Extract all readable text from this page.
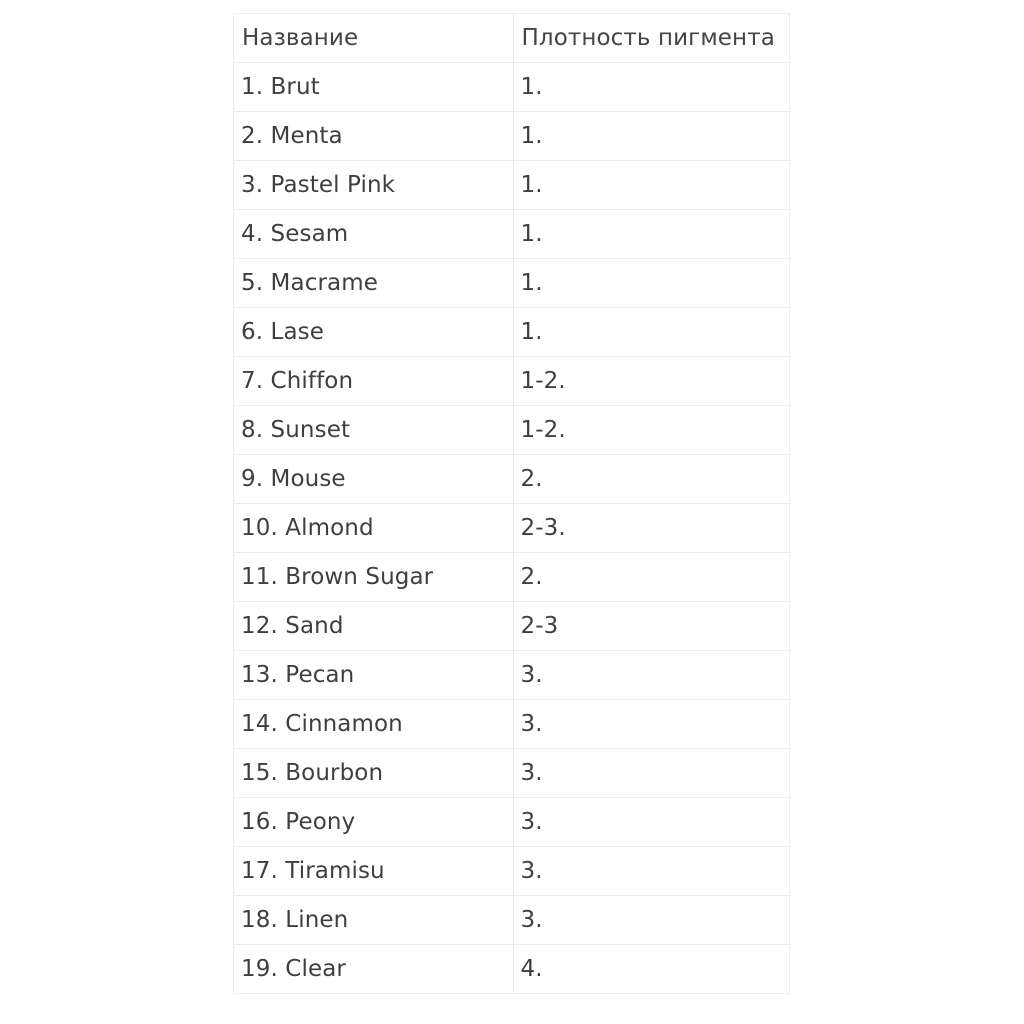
Название	Плотность пигмента
1. Brut	1.
2. Menta	1.
3. Pastel Pink	1.
4. Sesam	1.
5. Macrame	1.
6. Lase	1.
7. Chiffon	1-2.
8. Sunset	1-2.
9. Mouse	2.
10. Almond	2-3.
11. Brown Sugar	2.
12. Sand	2-3
13. Pecan	3.
14. Cinnamon	3.
15. Bourbon	3.
16. Peony	3.
17. Tiramisu	3.
18. Linen	3.
19. Clear	4.
